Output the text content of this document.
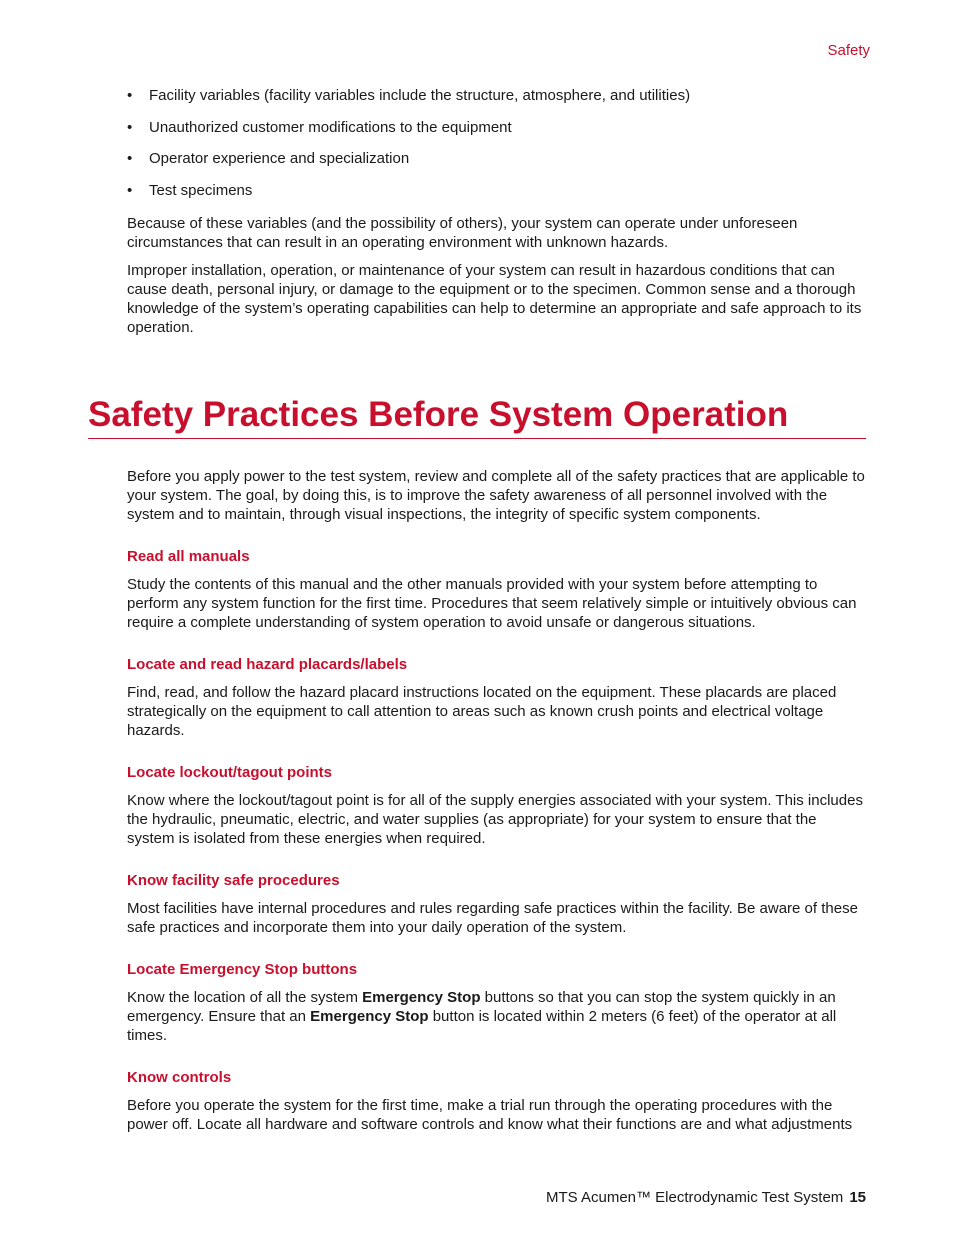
Safety
• Facility variables (facility variables include the structure, atmosphere, and utilities)
• Unauthorized customer modifications to the equipment
• Operator experience and specialization
• Test specimens

Because of these variables (and the possibility of others), your system can operate under unforeseen circumstances that can result in an operating environment with unknown hazards.

Improper installation, operation, or maintenance of your system can result in hazardous conditions that can cause death, personal injury, or damage to the equipment or to the specimen. Common sense and a thorough knowledge of the system’s operating capabilities can help to determine an appropriate and safe approach to its operation.

Safety Practices Before System Operation

Before you apply power to the test system, review and complete all of the safety practices that are applicable to your system. The goal, by doing this, is to improve the safety awareness of all personnel involved with the system and to maintain, through visual inspections, the integrity of specific system components.

Read all manuals

Study the contents of this manual and the other manuals provided with your system before attempting to perform any system function for the first time. Procedures that seem relatively simple or intuitively obvious can require a complete understanding of system operation to avoid unsafe or dangerous situations.

Locate and read hazard placards/labels

Find, read, and follow the hazard placard instructions located on the equipment. These placards are placed strategically on the equipment to call attention to areas such as known crush points and electrical voltage hazards.

Locate lockout/tagout points

Know where the lockout/tagout point is for all of the supply energies associated with your system. This includes the hydraulic, pneumatic, electric, and water supplies (as appropriate) for your system to ensure that the system is isolated from these energies when required.

Know facility safe procedures

Most facilities have internal procedures and rules regarding safe practices within the facility. Be aware of these safe practices and incorporate them into your daily operation of the system.

Locate Emergency Stop buttons

Know the location of all the system Emergency Stop buttons so that you can stop the system quickly in an emergency. Ensure that an Emergency Stop button is located within 2 meters (6 feet) of the operator at all times.

Know controls

Before you operate the system for the first time, make a trial run through the operating procedures with the power off. Locate all hardware and software controls and know what their functions are and what adjustments

MTS Acumen™ Electrodynamic Test System 15
